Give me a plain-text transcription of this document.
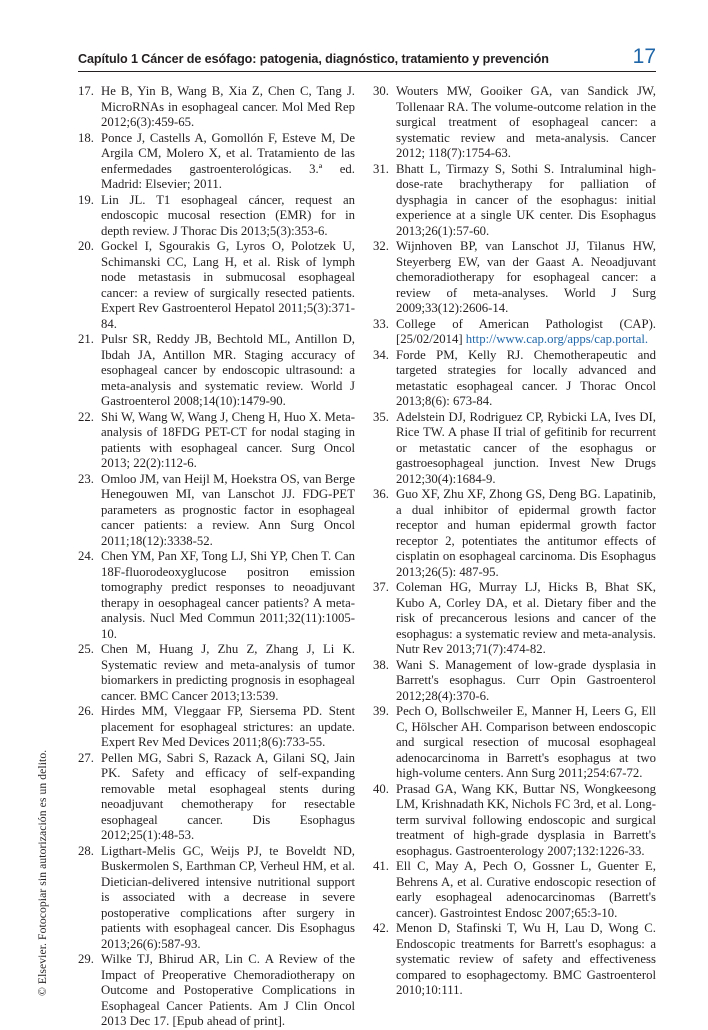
Capítulo 1 Cáncer de esófago: patogenia, diagnóstico, tratamiento y prevención	17
17. He B, Yin B, Wang B, Xia Z, Chen C, Tang J. MicroRNAs in esophageal cancer. Mol Med Rep 2012;6(3):459-65.
18. Ponce J, Castells A, Gomollón F, Esteve M, De Argila CM, Molero X, et al. Tratamiento de las enfermedades gastroenterológicas. 3.ª ed. Madrid: Elsevier; 2011.
19. Lin JL. T1 esophageal cáncer, request an endoscopic mucosal resection (EMR) for in depth review. J Thorac Dis 2013;5(3):353-6.
20. Gockel I, Sgourakis G, Lyros O, Polotzek U, Schimanski CC, Lang H, et al. Risk of lymph node metastasis in submucosal esophageal cancer: a review of surgically resected patients. Expert Rev Gastroenterol Hepatol 2011;5(3):371-84.
21. Pulsr SR, Reddy JB, Bechtold ML, Antillon D, Ibdah JA, Antillon MR. Staging accuracy of esophageal cancer by endoscopic ultrasound: a meta-analysis and systematic review. World J Gastroenterol 2008;14(10):1479-90.
22. Shi W, Wang W, Wang J, Cheng H, Huo X. Meta-analysis of 18FDG PET-CT for nodal staging in patients with esophageal cancer. Surg Oncol 2013; 22(2):112-6.
23. Omloo JM, van Heijl M, Hoekstra OS, van Berge Henegouwen MI, van Lanschot JJ. FDG-PET parameters as prognostic factor in esophageal cancer patients: a review. Ann Surg Oncol 2011;18(12):3338-52.
24. Chen YM, Pan XF, Tong LJ, Shi YP, Chen T. Can 18F-fluorodeoxyglucose positron emission tomography predict responses to neoadjuvant therapy in oesophageal cancer patients? A meta-analysis. Nucl Med Commun 2011;32(11):1005-10.
25. Chen M, Huang J, Zhu Z, Zhang J, Li K. Systematic review and meta-analysis of tumor biomarkers in predicting prognosis in esophageal cancer. BMC Cancer 2013;13:539.
26. Hirdes MM, Vleggaar FP, Siersema PD. Stent placement for esophageal strictures: an update. Expert Rev Med Devices 2011;8(6):733-55.
27. Pellen MG, Sabri S, Razack A, Gilani SQ, Jain PK. Safety and efficacy of self-expanding removable metal esophageal stents during neoadjuvant chemotherapy for resectable esophageal cancer. Dis Esophagus 2012;25(1):48-53.
28. Ligthart-Melis GC, Weijs PJ, te Boveldt ND, Buskermolen S, Earthman CP, Verheul HM, et al. Dietician-delivered intensive nutritional support is associated with a decrease in severe postoperative complications after surgery in patients with esophageal cancer. Dis Esophagus 2013;26(6):587-93.
29. Wilke TJ, Bhirud AR, Lin C. A Review of the Impact of Preoperative Chemoradiotherapy on Outcome and Postoperative Complications in Esophageal Cancer Patients. Am J Clin Oncol 2013 Dec 17. [Epub ahead of print].
30. Wouters MW, Gooiker GA, van Sandick JW, Tollenaar RA. The volume-outcome relation in the surgical treatment of esophageal cancer: a systematic review and meta-analysis. Cancer 2012; 118(7):1754-63.
31. Bhatt L, Tirmazy S, Sothi S. Intraluminal high-dose-rate brachytherapy for palliation of dysphagia in cancer of the esophagus: initial experience at a single UK center. Dis Esophagus 2013;26(1):57-60.
32. Wijnhoven BP, van Lanschot JJ, Tilanus HW, Steyerberg EW, van der Gaast A. Neoadjuvant chemoradiotherapy for esophageal cancer: a review of meta-analyses. World J Surg 2009;33(12):2606-14.
33. College of American Pathologist (CAP). [25/02/2014] http://www.cap.org/apps/cap.portal.
34. Forde PM, Kelly RJ. Chemotherapeutic and targeted strategies for locally advanced and metastatic esophageal cancer. J Thorac Oncol 2013;8(6): 673-84.
35. Adelstein DJ, Rodriguez CP, Rybicki LA, Ives DI, Rice TW. A phase II trial of gefitinib for recurrent or metastatic cancer of the esophagus or gastroesophageal junction. Invest New Drugs 2012;30(4):1684-9.
36. Guo XF, Zhu XF, Zhong GS, Deng BG. Lapatinib, a dual inhibitor of epidermal growth factor receptor and human epidermal growth factor receptor 2, potentiates the antitumor effects of cisplatin on esophageal carcinoma. Dis Esophagus 2013;26(5): 487-95.
37. Coleman HG, Murray LJ, Hicks B, Bhat SK, Kubo A, Corley DA, et al. Dietary fiber and the risk of precancerous lesions and cancer of the esophagus: a systematic review and meta-analysis. Nutr Rev 2013;71(7):474-82.
38. Wani S. Management of low-grade dysplasia in Barrett's esophagus. Curr Opin Gastroenterol 2012;28(4):370-6.
39. Pech O, Bollschweiler E, Manner H, Leers G, Ell C, Hölscher AH. Comparison between endoscopic and surgical resection of mucosal esophageal adenocarcinoma in Barrett's esophagus at two high-volume centers. Ann Surg 2011;254:67-72.
40. Prasad GA, Wang KK, Buttar NS, Wongkeesong LM, Krishnadath KK, Nichols FC 3rd, et al. Long-term survival following endoscopic and surgical treatment of high-grade dysplasia in Barrett's esophagus. Gastroenterology 2007;132:1226-33.
41. Ell C, May A, Pech O, Gossner L, Guenter E, Behrens A, et al. Curative endoscopic resection of early esophageal adenocarcinomas (Barrett's cancer). Gastrointest Endosc 2007;65:3-10.
42. Menon D, Stafinski T, Wu H, Lau D, Wong C. Endoscopic treatments for Barrett's esophagus: a systematic review of safety and effectiveness compared to esophagectomy. BMC Gastroenterol 2010;10:111.
© Elsevier. Fotocopiar sin autorización es un delito.
